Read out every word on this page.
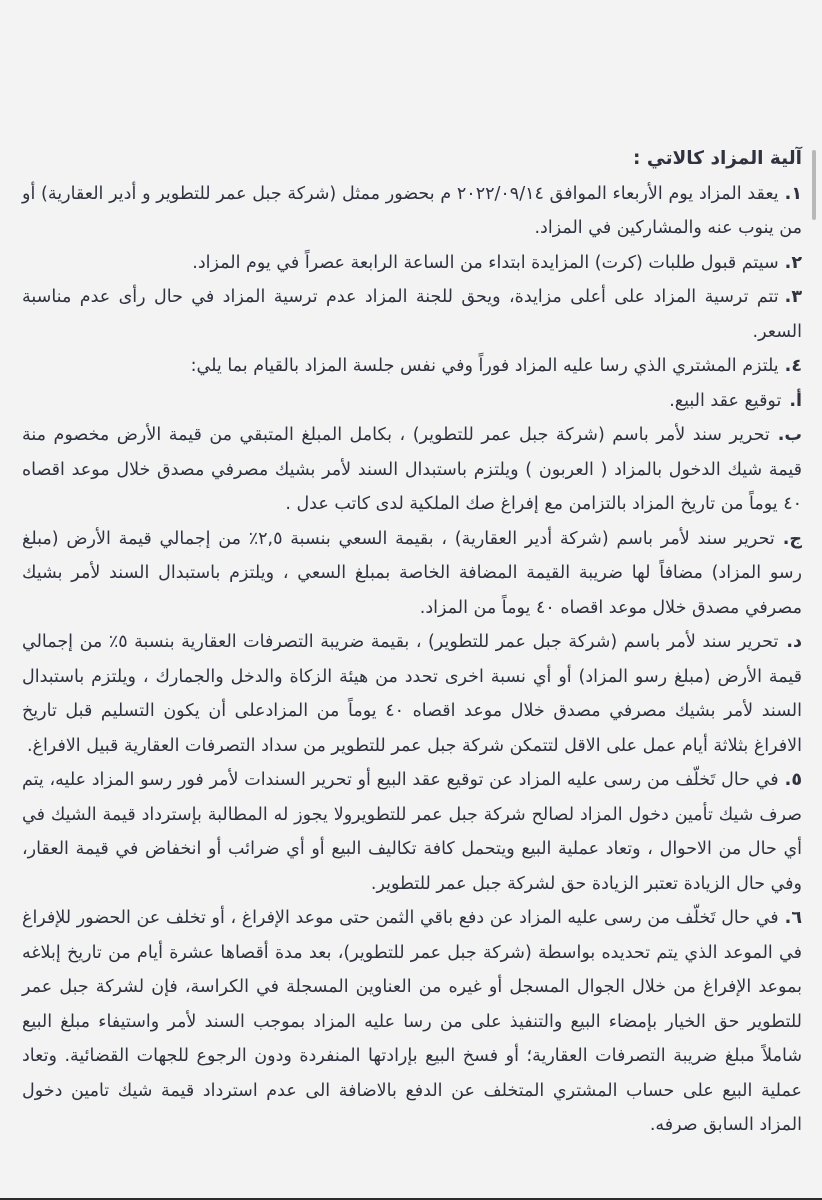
آلية المزاد كالاتي :

١.يعقد المزاد يوم الأربعاء الموافق ٢٠٢٢/٠٩/١٤ م بحضور ممثل (شركة جبل عمر للتطوير و أدير العقارية) أو من ينوب عنه والمشاركين في المزاد.

٢.سيتم قبول طلبات (كرت) المزايدة ابتداء من الساعة الرابعة عصراً في يوم المزاد.

٣.تتم ترسية المزاد على أعلى مزايدة، ويحق للجنة المزاد عدم ترسية المزاد في حال رأى عدم مناسبة السعر.

٤.يلتزم المشتري الذي رسا عليه المزاد فوراً وفي نفس جلسة المزاد بالقيام بما يلي:

أ.توقيع عقد البيع.

ب.تحرير سند لأمر باسم (شركة جبل عمر للتطوير) ، بكامل المبلغ المتبقي من قيمة الأرض مخصوم منة قيمة شيك الدخول بالمزاد ( العربون ) ويلتزم باستبدال السند لأمر بشيك مصرفي مصدق خلال موعد اقصاه ٤٠ يوماً من تاريخ المزاد بالتزامن مع إفراغ صك الملكية لدى كاتب عدل .

ج.تحرير سند لأمر باسم (شركة أدير العقارية) ، بقيمة السعي بنسبة ٢,٥٪ من إجمالي قيمة الأرض (مبلغ رسو المزاد) مضافاً لها ضريبة القيمة المضافة الخاصة بمبلغ السعي ، ويلتزم باستبدال السند لأمر بشيك مصرفي مصدق خلال موعد اقصاه ٤٠ يوماً من المزاد.

د.تحرير سند لأمر باسم (شركة جبل عمر للتطوير) ، بقيمة ضريبة التصرفات العقارية بنسبة ٥٪ من إجمالي قيمة الأرض (مبلغ رسو المزاد) أو أي نسبة اخرى تحدد من هيئة الزكاة والدخل والجمارك ، ويلتزم باستبدال السند لأمر بشيك مصرفي مصدق خلال موعد اقصاه ٤٠ يوماً من المزادعلى أن يكون التسليم قبل تاريخ الافراغ بثلاثة أيام عمل على الاقل لتتمكن شركة جبل عمر للتطوير من سداد التصرفات العقارية قبيل الافراغ.

٥.في حال تَخلّف من رسى عليه المزاد عن توقيع عقد البيع أو تحرير السندات لأمر فور رسو المزاد عليه، يتم صرف شيك تأمين دخول المزاد لصالح شركة جبل عمر للتطويرولا يجوز له المطالبة بإسترداد قيمة الشيك في أي حال من الاحوال ، وتعاد عملية البيع ويتحمل كافة تكاليف البيع أو أي ضرائب أو انخفاض في قيمة العقار، وفي حال الزيادة تعتبر الزيادة حق لشركة جبل عمر للتطوير.

٦.في حال تَخلّف من رسى عليه المزاد عن دفع باقي الثمن حتى موعد الإفراغ ، أو تخلف عن الحضور للإفراغ في الموعد الذي يتم تحديده بواسطة (شركة جبل عمر للتطوير)، بعد مدة أقصاها عشرة أيام من تاريخ إبلاغه بموعد الإفراغ من خلال الجوال المسجل أو غيره من العناوين المسجلة في الكراسة، فإن لشركة جبل عمر للتطوير حق الخيار بإمضاء البيع والتنفيذ على من رسا عليه المزاد بموجب السند لأمر واستيفاء مبلغ البيع شاملاً مبلغ ضريبة التصرفات العقارية؛ أو فسخ البيع بإرادتها المنفردة ودون الرجوع للجهات القضائية. وتعاد عملية البيع على حساب المشتري المتخلف عن الدفع بالاضافة الى عدم استرداد قيمة شيك تامين دخول المزاد السابق صرفه.
